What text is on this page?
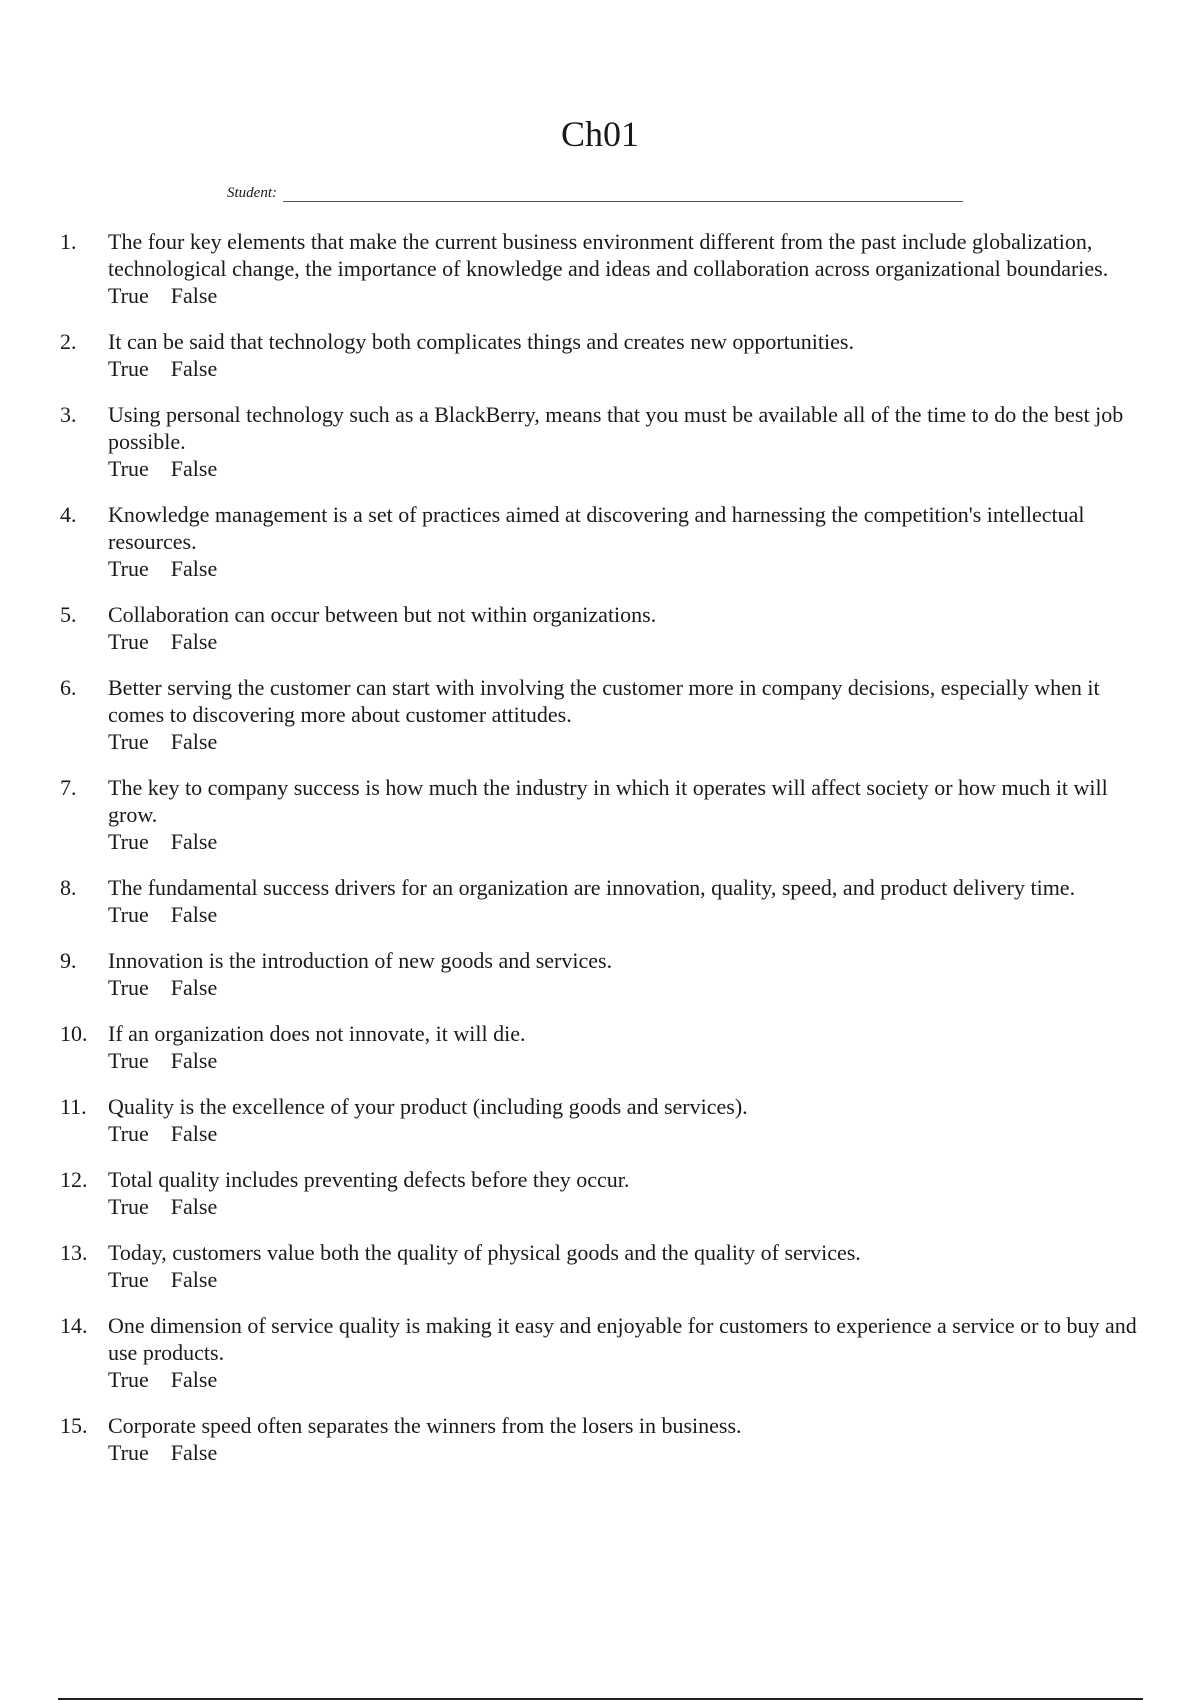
Ch01
Student:
1.	The four key elements that make the current business environment different from the past include globalization, technological change, the importance of knowledge and ideas and collaboration across organizational boundaries.
True False
2.	It can be said that technology both complicates things and creates new opportunities.
True False
3.	Using personal technology such as a BlackBerry, means that you must be available all of the time to do the best job possible.
True False
4.	Knowledge management is a set of practices aimed at discovering and harnessing the competition's intellectual resources.
True False
5.	Collaboration can occur between but not within organizations.
True False
6.	Better serving the customer can start with involving the customer more in company decisions, especially when it comes to discovering more about customer attitudes.
True False
7.	The key to company success is how much the industry in which it operates will affect society or how much it will grow.
True False
8.	The fundamental success drivers for an organization are innovation, quality, speed, and product delivery time.
True False
9.	Innovation is the introduction of new goods and services.
True False
10. If an organization does not innovate, it will die.
True False
11. Quality is the excellence of your product (including goods and services).
True False
12. Total quality includes preventing defects before they occur.
True False
13. Today, customers value both the quality of physical goods and the quality of services.
True False
14. One dimension of service quality is making it easy and enjoyable for customers to experience a service or to buy and use products.
True False
15. Corporate speed often separates the winners from the losers in business.
True False
